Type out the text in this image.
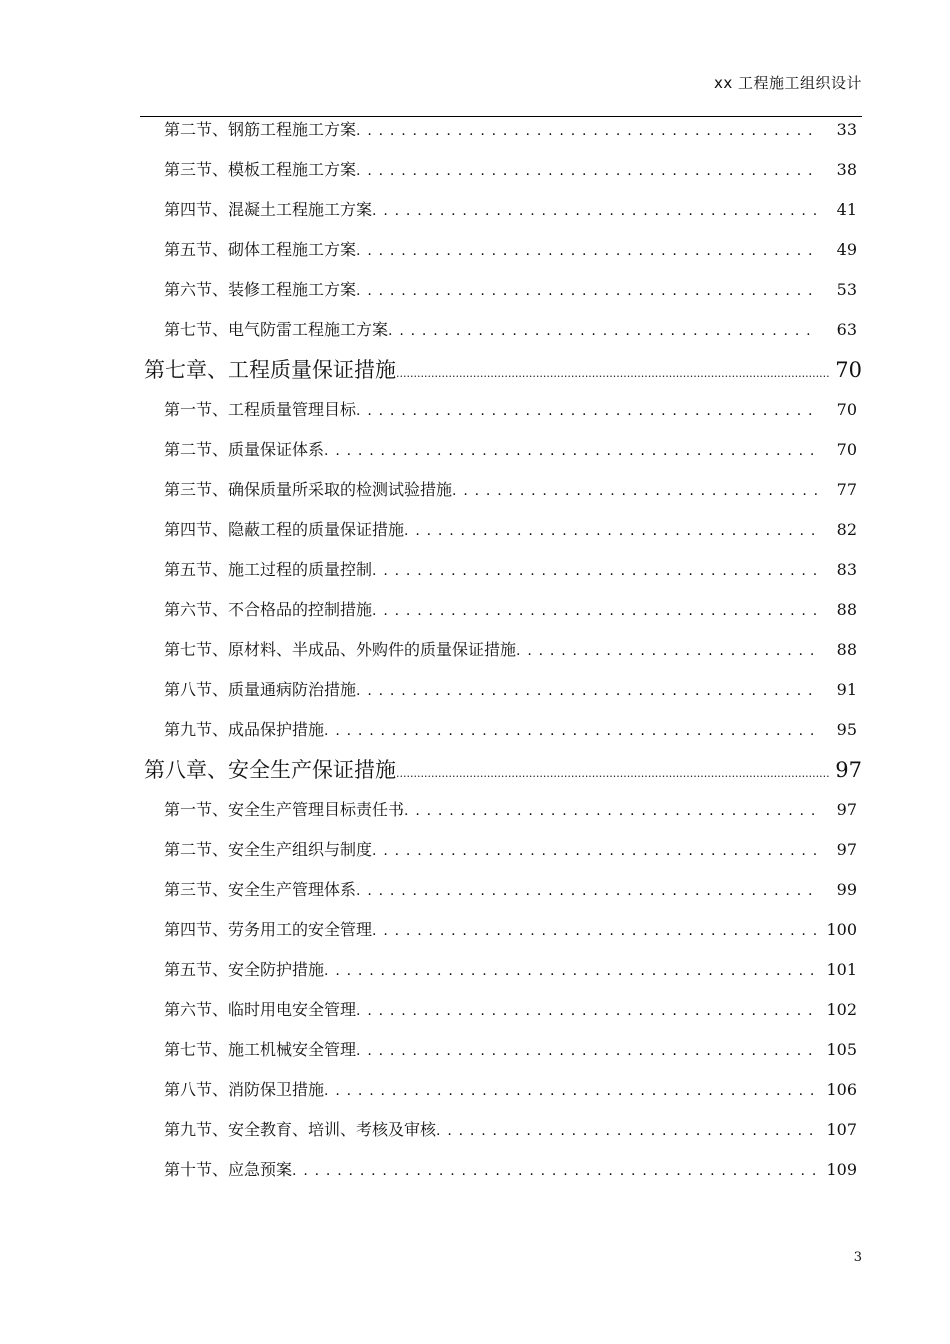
xx 工程施工组织设计
第二节、钢筋工程施工方案 . . .	33
第三节、模板工程施工方案 . . .	38
第四节、混凝土工程施工方案 . . .	41
第五节、砌体工程施工方案 . . .	49
第六节、装修工程施工方案 . . .	53
第七节、电气防雷工程施工方案 . . .	63
第七章、工程质量保证措施 .....	70
第一节、工程质量管理目标 . . .	70
第二节、质量保证体系 . . .	70
第三节、确保质量所采取的检测试验措施 . . .	77
第四节、隐蔽工程的质量保证措施 . . .	82
第五节、施工过程的质量控制 . . .	83
第六节、不合格品的控制措施 . . .	88
第七节、原材料、半成品、外购件的质量保证措施 . . .	88
第八节、质量通病防治措施 . . .	91
第九节、成品保护措施 . . .	95
第八章、安全生产保证措施 .....	97
第一节、安全生产管理目标责任书 . . .	97
第二节、安全生产组织与制度 . . .	97
第三节、安全生产管理体系 . . .	99
第四节、劳务用工的安全管理 . . .	100
第五节、安全防护措施 . . .	101
第六节、临时用电安全管理 . . .	102
第七节、施工机械安全管理 . . .	105
第八节、消防保卫措施 . . .	106
第九节、安全教育、培训、考核及审核 . . .	107
第十节、应急预案 . . .	109
3
